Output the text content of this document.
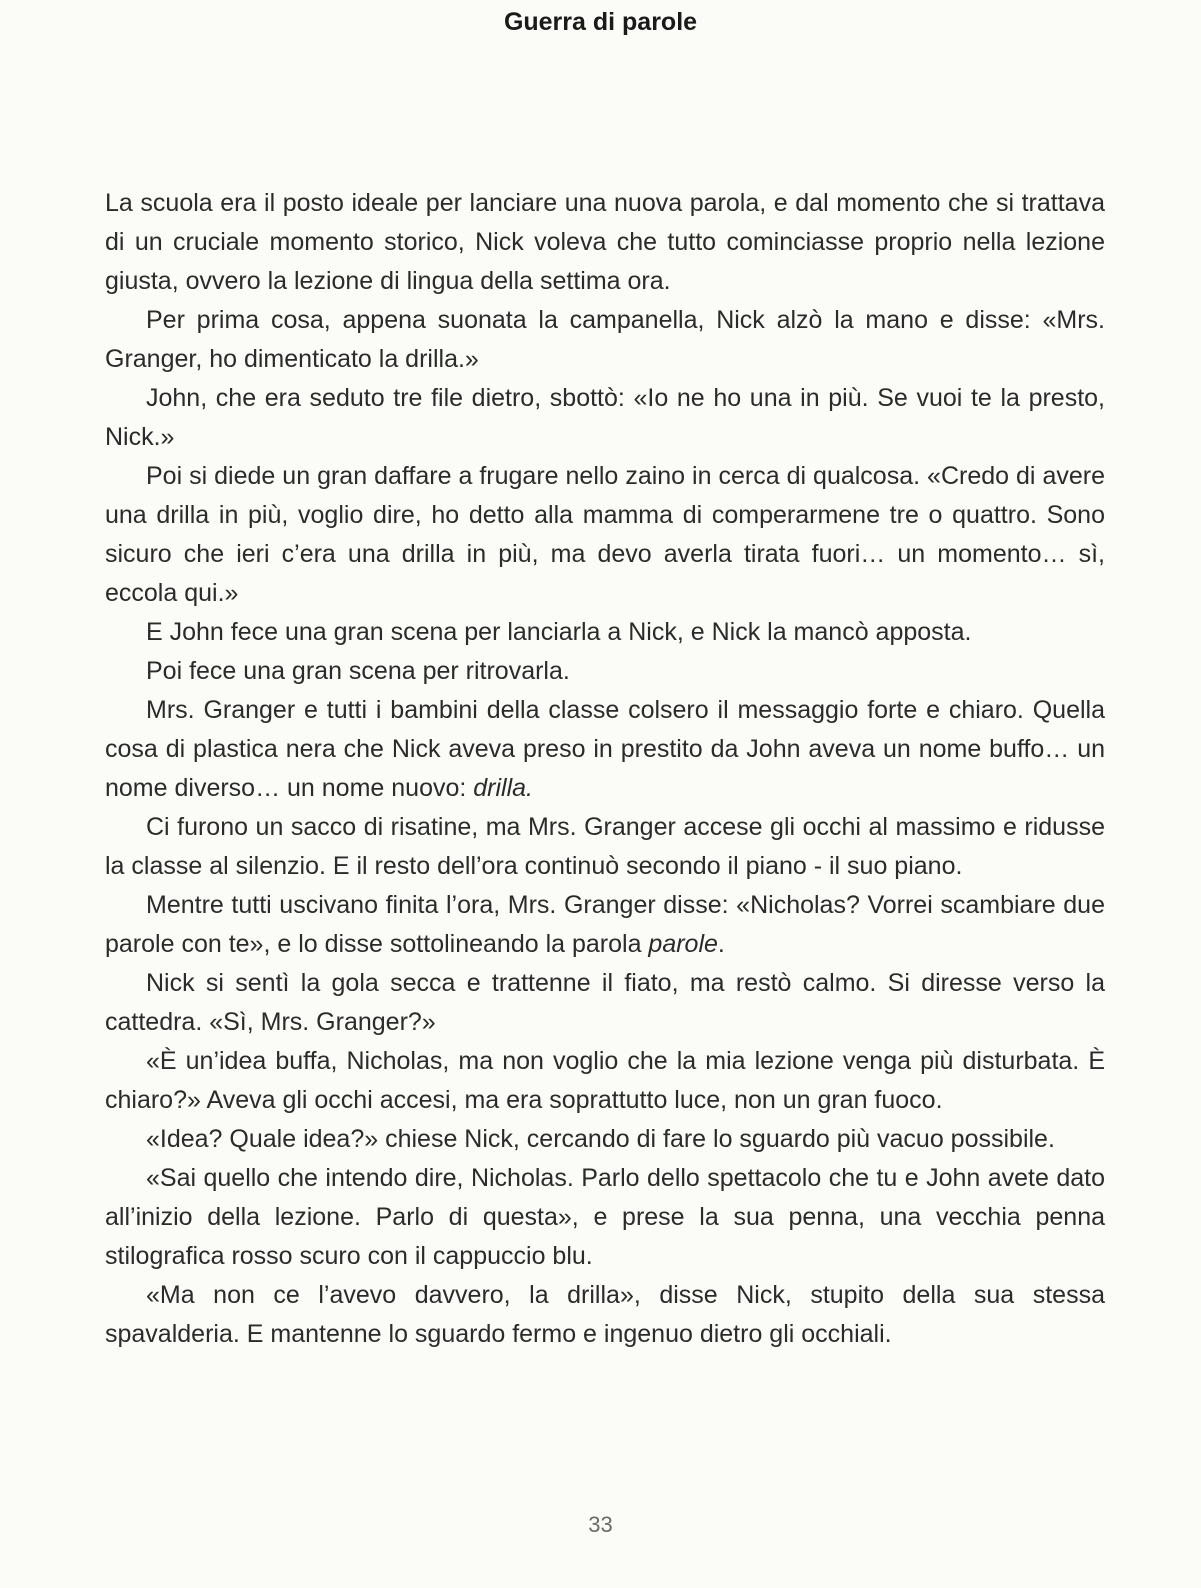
Guerra di parole

La scuola era il posto ideale per lanciare una nuova parola, e dal momento che si trattava di un cruciale momento storico, Nick voleva che tutto cominciasse proprio nella lezione giusta, ovvero la lezione di lingua della settima ora.

Per prima cosa, appena suonata la campanella, Nick alzò la mano e disse: «Mrs. Granger, ho dimenticato la drilla.»

John, che era seduto tre file dietro, sbottò: «Io ne ho una in più. Se vuoi te la presto, Nick.»

Poi si diede un gran daffare a frugare nello zaino in cerca di qualcosa. «Credo di avere una drilla in più, voglio dire, ho detto alla mamma di comperarmene tre o quattro. Sono sicuro che ieri c’era una drilla in più, ma devo averla tirata fuori… un momento… sì, eccola qui.»

E John fece una gran scena per lanciarla a Nick, e Nick la mancò apposta.

Poi fece una gran scena per ritrovarla.

Mrs. Granger e tutti i bambini della classe colsero il messaggio forte e chiaro. Quella cosa di plastica nera che Nick aveva preso in prestito da John aveva un nome buffo… un nome diverso… un nome nuovo: drilla.

Ci furono un sacco di risatine, ma Mrs. Granger accese gli occhi al massimo e ridusse la classe al silenzio. E il resto dell’ora continuò secondo il piano - il suo piano.

Mentre tutti uscivano finita l’ora, Mrs. Granger disse: «Nicholas? Vorrei scambiare due parole con te», e lo disse sottolineando la parola parole.

Nick si sentì la gola secca e trattenne il fiato, ma restò calmo. Si diresse verso la cattedra. «Sì, Mrs. Granger?»

«È un’idea buffa, Nicholas, ma non voglio che la mia lezione venga più disturbata. È chiaro?» Aveva gli occhi accesi, ma era soprattutto luce, non un gran fuoco.

«Idea? Quale idea?» chiese Nick, cercando di fare lo sguardo più vacuo possibile.

«Sai quello che intendo dire, Nicholas. Parlo dello spettacolo che tu e John avete dato all’inizio della lezione. Parlo di questa», e prese la sua penna, una vecchia penna stilografica rosso scuro con il cappuccio blu.

«Ma non ce l’avevo davvero, la drilla», disse Nick, stupito della sua stessa spavalderia. E mantenne lo sguardo fermo e ingenuo dietro gli occhiali.

33
